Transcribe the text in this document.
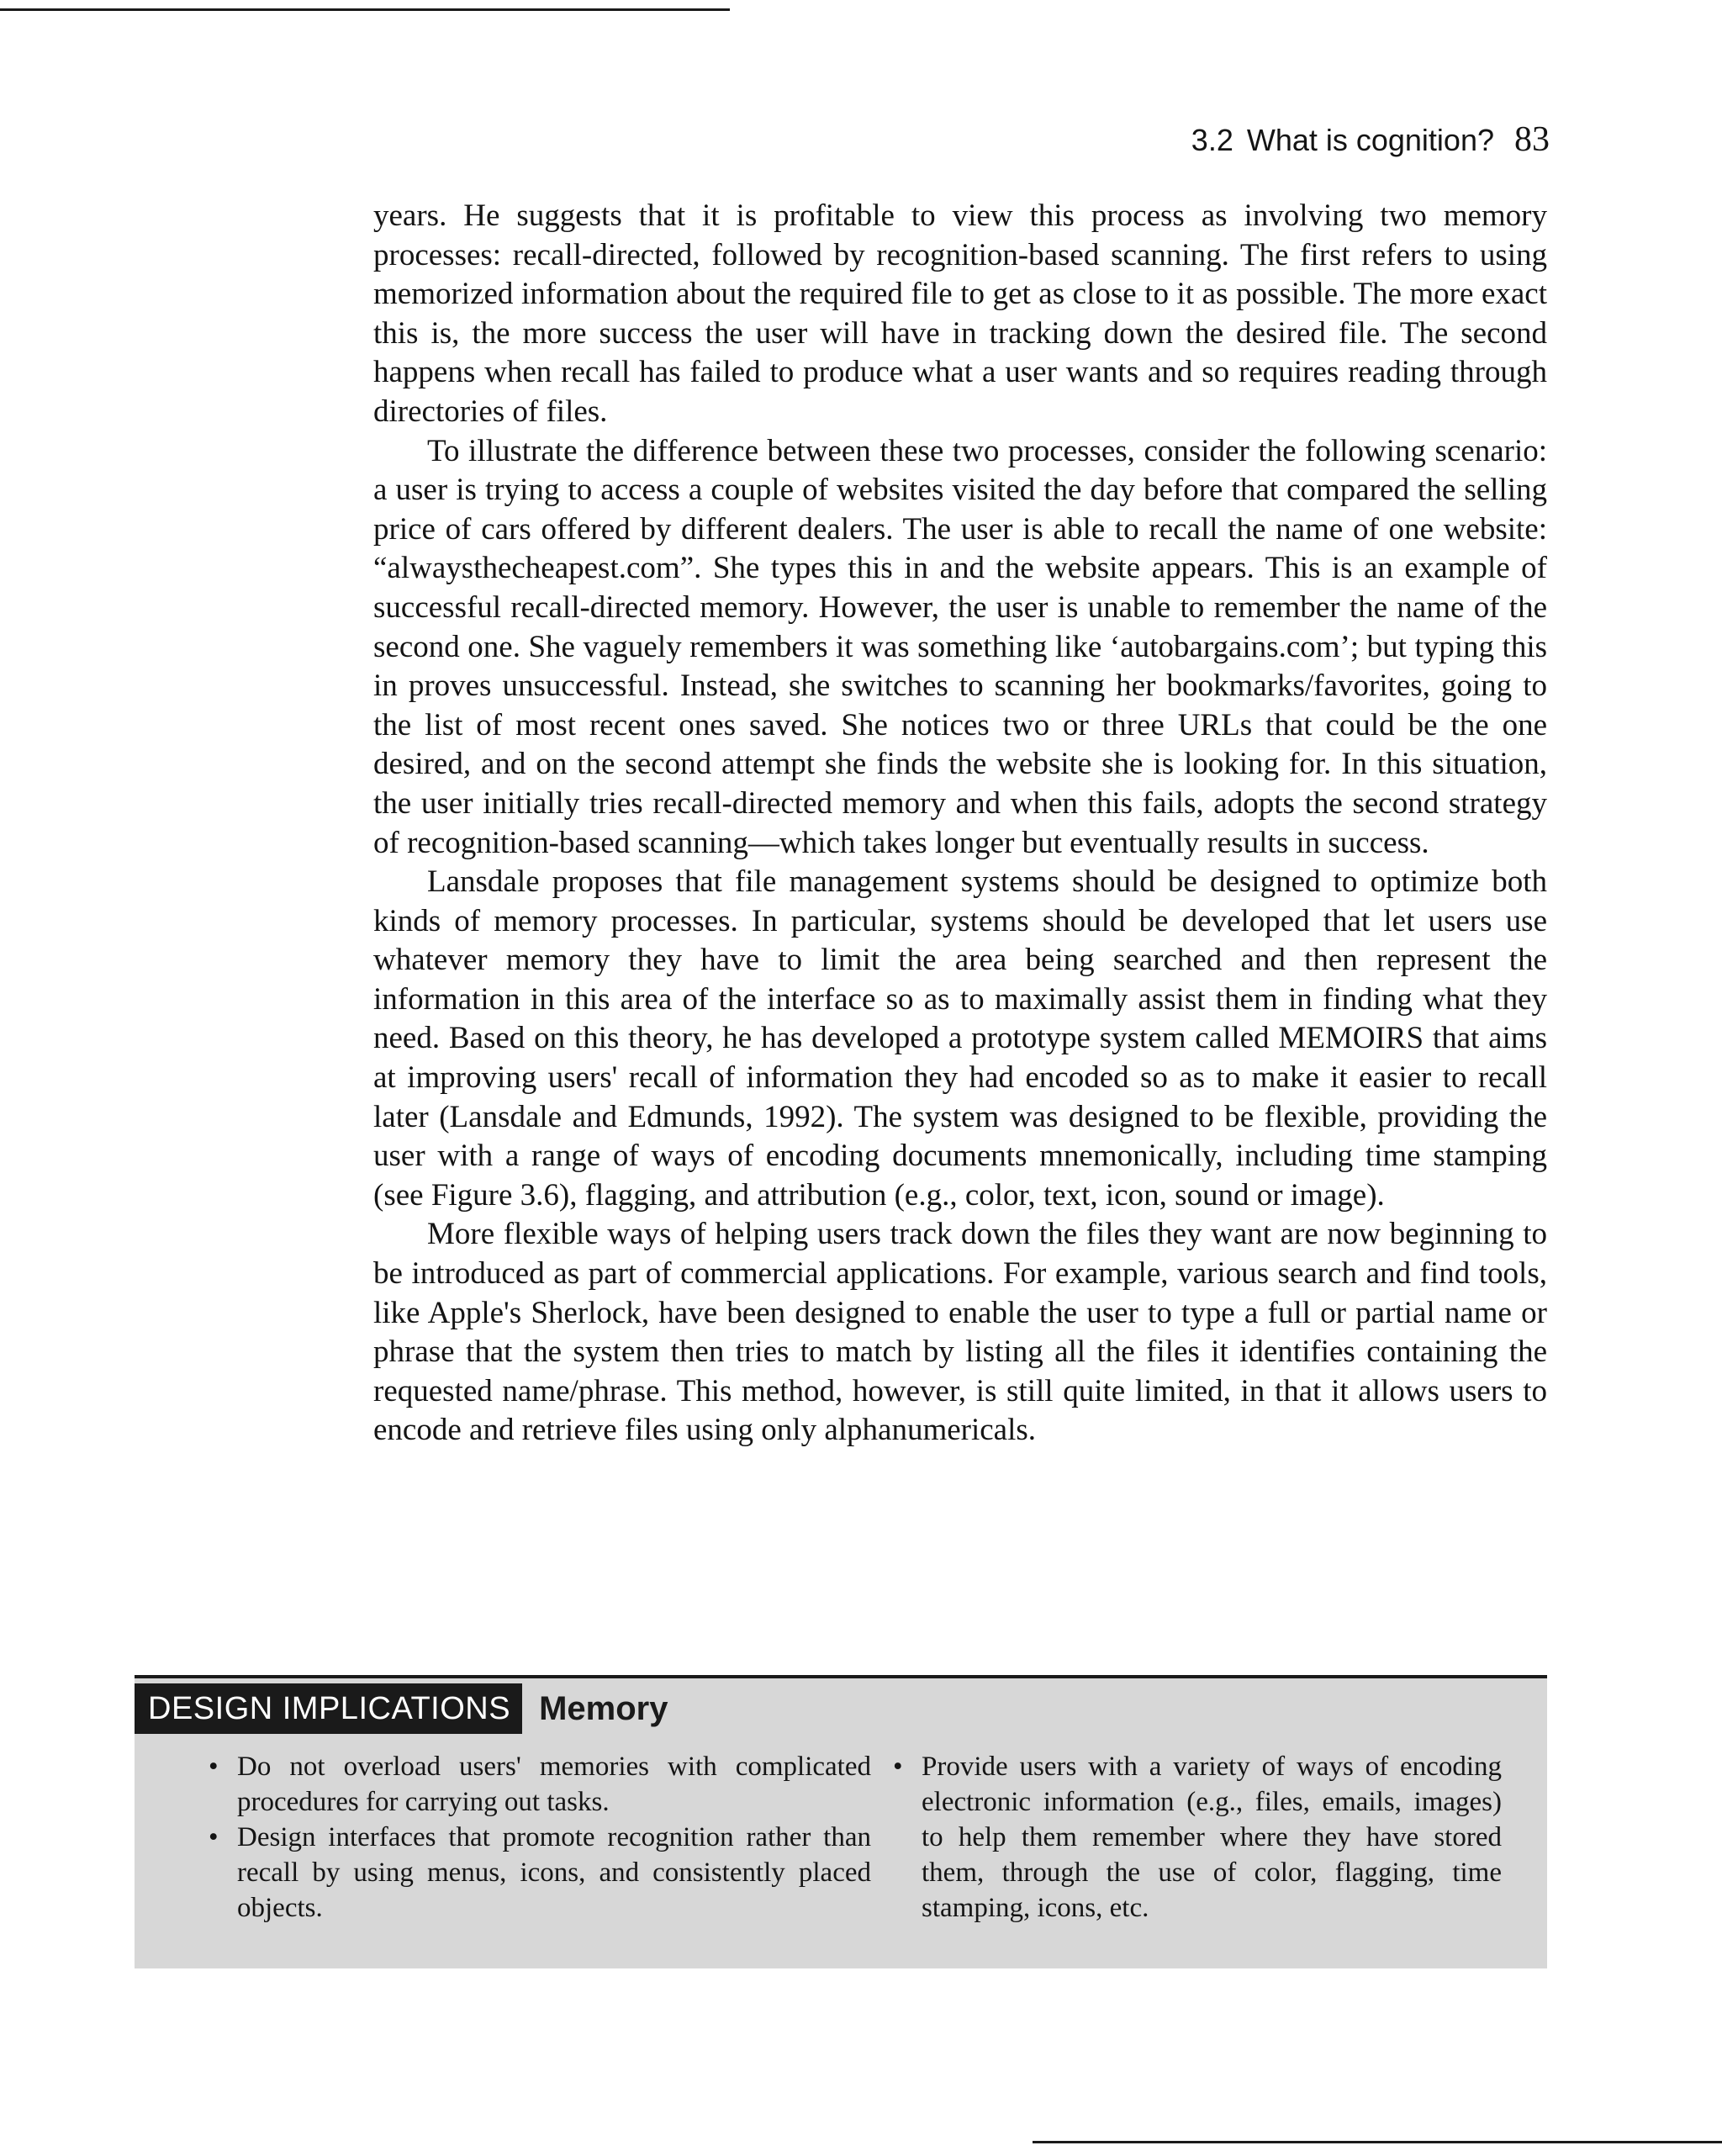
3.2 What is cognition? 83

years. He suggests that it is profitable to view this process as involving two memory processes: recall-directed, followed by recognition-based scanning. The first refers to using memorized information about the required file to get as close to it as possible. The more exact this is, the more success the user will have in tracking down the desired file. The second happens when recall has failed to produce what a user wants and so requires reading through directories of files.

To illustrate the difference between these two processes, consider the following scenario: a user is trying to access a couple of websites visited the day before that compared the selling price of cars offered by different dealers. The user is able to recall the name of one website: “alwaysthecheapest.com”. She types this in and the website appears. This is an example of successful recall-directed memory. However, the user is unable to remember the name of the second one. She vaguely remembers it was something like ‘autobargains.com’; but typing this in proves unsuccessful. Instead, she switches to scanning her bookmarks/favorites, going to the list of most recent ones saved. She notices two or three URLs that could be the one desired, and on the second attempt she finds the website she is looking for. In this situation, the user initially tries recall-directed memory and when this fails, adopts the second strategy of recognition-based scanning—which takes longer but eventually results in success.

Lansdale proposes that file management systems should be designed to optimize both kinds of memory processes. In particular, systems should be developed that let users use whatever memory they have to limit the area being searched and then represent the information in this area of the interface so as to maximally assist them in finding what they need. Based on this theory, he has developed a prototype system called MEMOIRS that aims at improving users' recall of information they had encoded so as to make it easier to recall later (Lansdale and Edmunds, 1992). The system was designed to be flexible, providing the user with a range of ways of encoding documents mnemonically, including time stamping (see Figure 3.6), flagging, and attribution (e.g., color, text, icon, sound or image).

More flexible ways of helping users track down the files they want are now beginning to be introduced as part of commercial applications. For example, various search and find tools, like Apple's Sherlock, have been designed to enable the user to type a full or partial name or phrase that the system then tries to match by listing all the files it identifies containing the requested name/phrase. This method, however, is still quite limited, in that it allows users to encode and retrieve files using only alphanumericals.

DESIGN IMPLICATIONS Memory
• Do not overload users' memories with complicated procedures for carrying out tasks.
• Design interfaces that promote recognition rather than recall by using menus, icons, and consistently placed objects.
• Provide users with a variety of ways of encoding electronic information (e.g., files, emails, images) to help them remember where they have stored them, through the use of color, flagging, time stamping, icons, etc.
